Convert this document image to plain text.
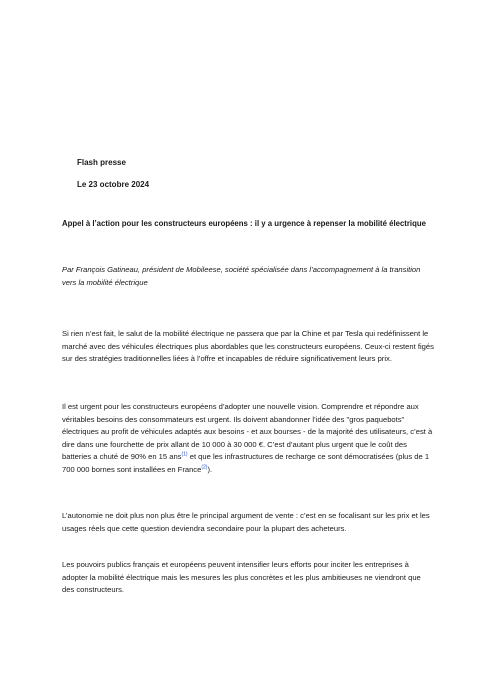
Flash presse
Le 23 octobre 2024
Appel à l’action pour les constructeurs européens : il y a urgence à repenser la mobilité électrique
Par François Gatineau, président de Mobileese, société spécialisée dans l’accompagnement à la transition vers la mobilité électrique
Si rien n’est fait, le salut de la mobilité électrique ne passera que par la Chine et par Tesla qui redéfinissent le marché avec des véhicules électriques plus abordables que les constructeurs européens. Ceux-ci restent figés sur des stratégies traditionnelles liées à l’offre et incapables de réduire significativement leurs prix.
Il est urgent pour les constructeurs européens d’adopter une nouvelle vision. Comprendre et répondre aux véritables besoins des consommateurs est urgent. Ils doivent abandonner l’idée des "gros paquebots" électriques au profit de véhicules adaptés aux besoins - et aux bourses - de la majorité des utilisateurs, c’est à dire dans une fourchette de prix allant de 10 000 à 30 000 €. C’est d’autant plus urgent que le coût des batteries a chuté de 90% en 15 ans$^{(1)}$ et que les infrastructures de recharge ce sont démocratisées (plus de 1 700 000 bornes sont installées en France$^{(2)}$).
L’autonomie ne doit plus non plus être le principal argument de vente : c’est en se focalisant sur les prix et les usages réels que cette question deviendra secondaire pour la plupart des acheteurs.
Les pouvoirs publics français et européens peuvent intensifier leurs efforts pour inciter les entreprises à adopter la mobilité électrique mais les mesures les plus concrètes et les plus ambitieuses ne viendront que des constructeurs.
